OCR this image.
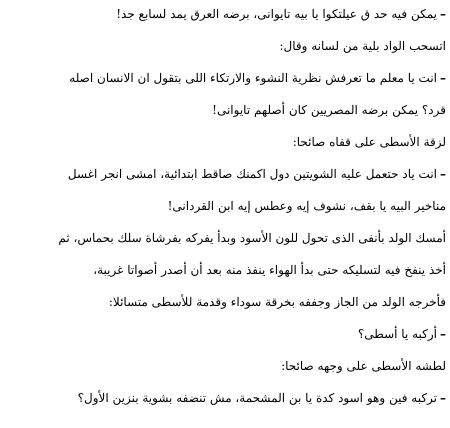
–يمكن فيه حد ق عيلتكوا يا بيه تايوانى، برضه العرق يمد لسابع جد!
اتسحب الواد بلية من لسانه وقال:
–انت يا معلم ما تعرفش نظرية النشوء والارتكاء اللى بتقول ان الانسان اصله
قرد؟ يمكن برضه المصريين كان أصلهم تايوانى!
لزقة الأسطى على قفاه صائحا:
–انت ياد حتعمل عليه الشويتين دول اكمنك صاقط ابتدائية، امشى انجر اغسل
مناخير البيه يا بقف، نشوف إيه وعطس إيه ابن القردانى!
أمسك الولد بأنفى الذى تحول للون الأسود وبدأ يفركه بفرشاة سلك بحماس، ثم
أخذ ينفخ فيه لتسليكه حتى بدأ الهواء ينفذ منه بعد أن أصدر أصواتا غريبة،
فأخرجه الولد من الجاز وجففه بخرقة سوداء وقدمة للأسطى متسائلا:
–أركبه يا أسطى؟
لطشه الأسطى على وجهه صائحا:
–تركبه فين وهو اسود كدة يا بن المشحمة، مش تنضفه بشوية بنزين الأول؟
